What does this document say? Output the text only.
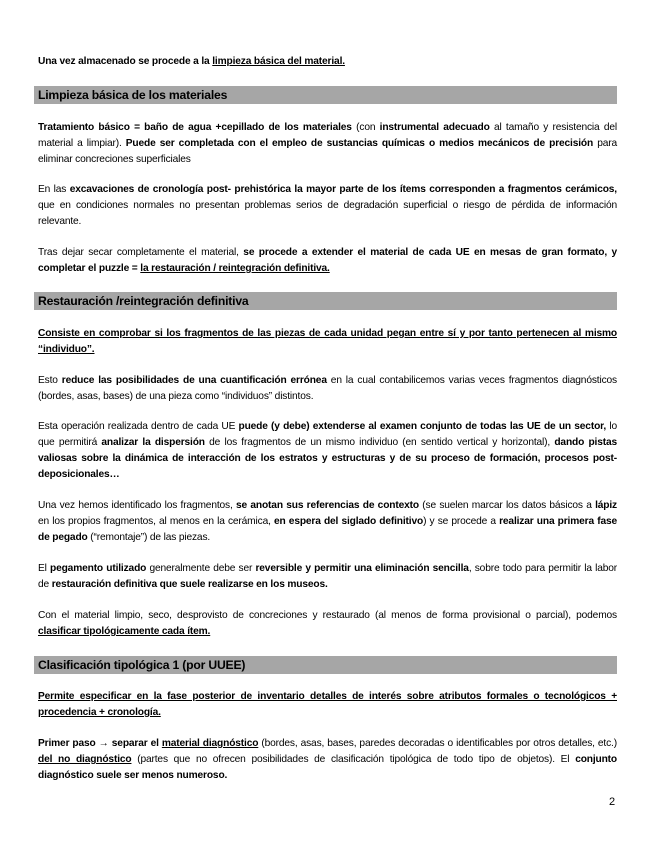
Una vez almacenado se procede a la limpieza básica del material.

Limpieza básica de los materiales

Tratamiento básico = baño de agua +cepillado de los materiales (con instrumental adecuado al tamaño y resistencia del material a limpiar). Puede ser completada con el empleo de sustancias químicas o medios mecánicos de precisión para eliminar concreciones superficiales

En las excavaciones de cronología post- prehistórica la mayor parte de los ítems corresponden a fragmentos cerámicos, que en condiciones normales no presentan problemas serios de degradación superficial o riesgo de pérdida de información relevante.

Tras dejar secar completamente el material, se procede a extender el material de cada UE en mesas de gran formato, y completar el puzzle = la restauración / reintegración definitiva.

Restauración /reintegración definitiva

Consiste en comprobar si los fragmentos de las piezas de cada unidad pegan entre sí y por tanto pertenecen al mismo “individuo”.

Esto reduce las posibilidades de una cuantificación errónea en la cual contabilicemos varias veces fragmentos diagnósticos (bordes, asas, bases) de una pieza como “individuos” distintos.

Esta operación realizada dentro de cada UE puede (y debe) extenderse al examen conjunto de todas las UE de un sector, lo que permitirá analizar la dispersión de los fragmentos de un mismo individuo (en sentido vertical y horizontal), dando pistas valiosas sobre la dinámica de interacción de los estratos y estructuras y de su proceso de formación, procesos post-deposicionales…

Una vez hemos identificado los fragmentos, se anotan sus referencias de contexto (se suelen marcar los datos básicos a lápiz en los propios fragmentos, al menos en la cerámica, en espera del siglado definitivo) y se procede a realizar una primera fase de pegado (“remontaje”) de las piezas.

El pegamento utilizado generalmente debe ser reversible y permitir una eliminación sencilla, sobre todo para permitir la labor de restauración definitiva que suele realizarse en los museos.

Con el material limpio, seco, desprovisto de concreciones y restaurado (al menos de forma provisional o parcial), podemos clasificar tipológicamente cada ítem.

Clasificación tipológica 1 (por UUEE)

Permite especificar en la fase posterior de inventario detalles de interés sobre atributos formales o tecnológicos + procedencia + cronología.

Primer paso → separar el material diagnóstico (bordes, asas, bases, paredes decoradas o identificables por otros detalles, etc.) del no diagnóstico (partes que no ofrecen posibilidades de clasificación tipológica de todo tipo de objetos). El conjunto diagnóstico suele ser menos numeroso.

2
